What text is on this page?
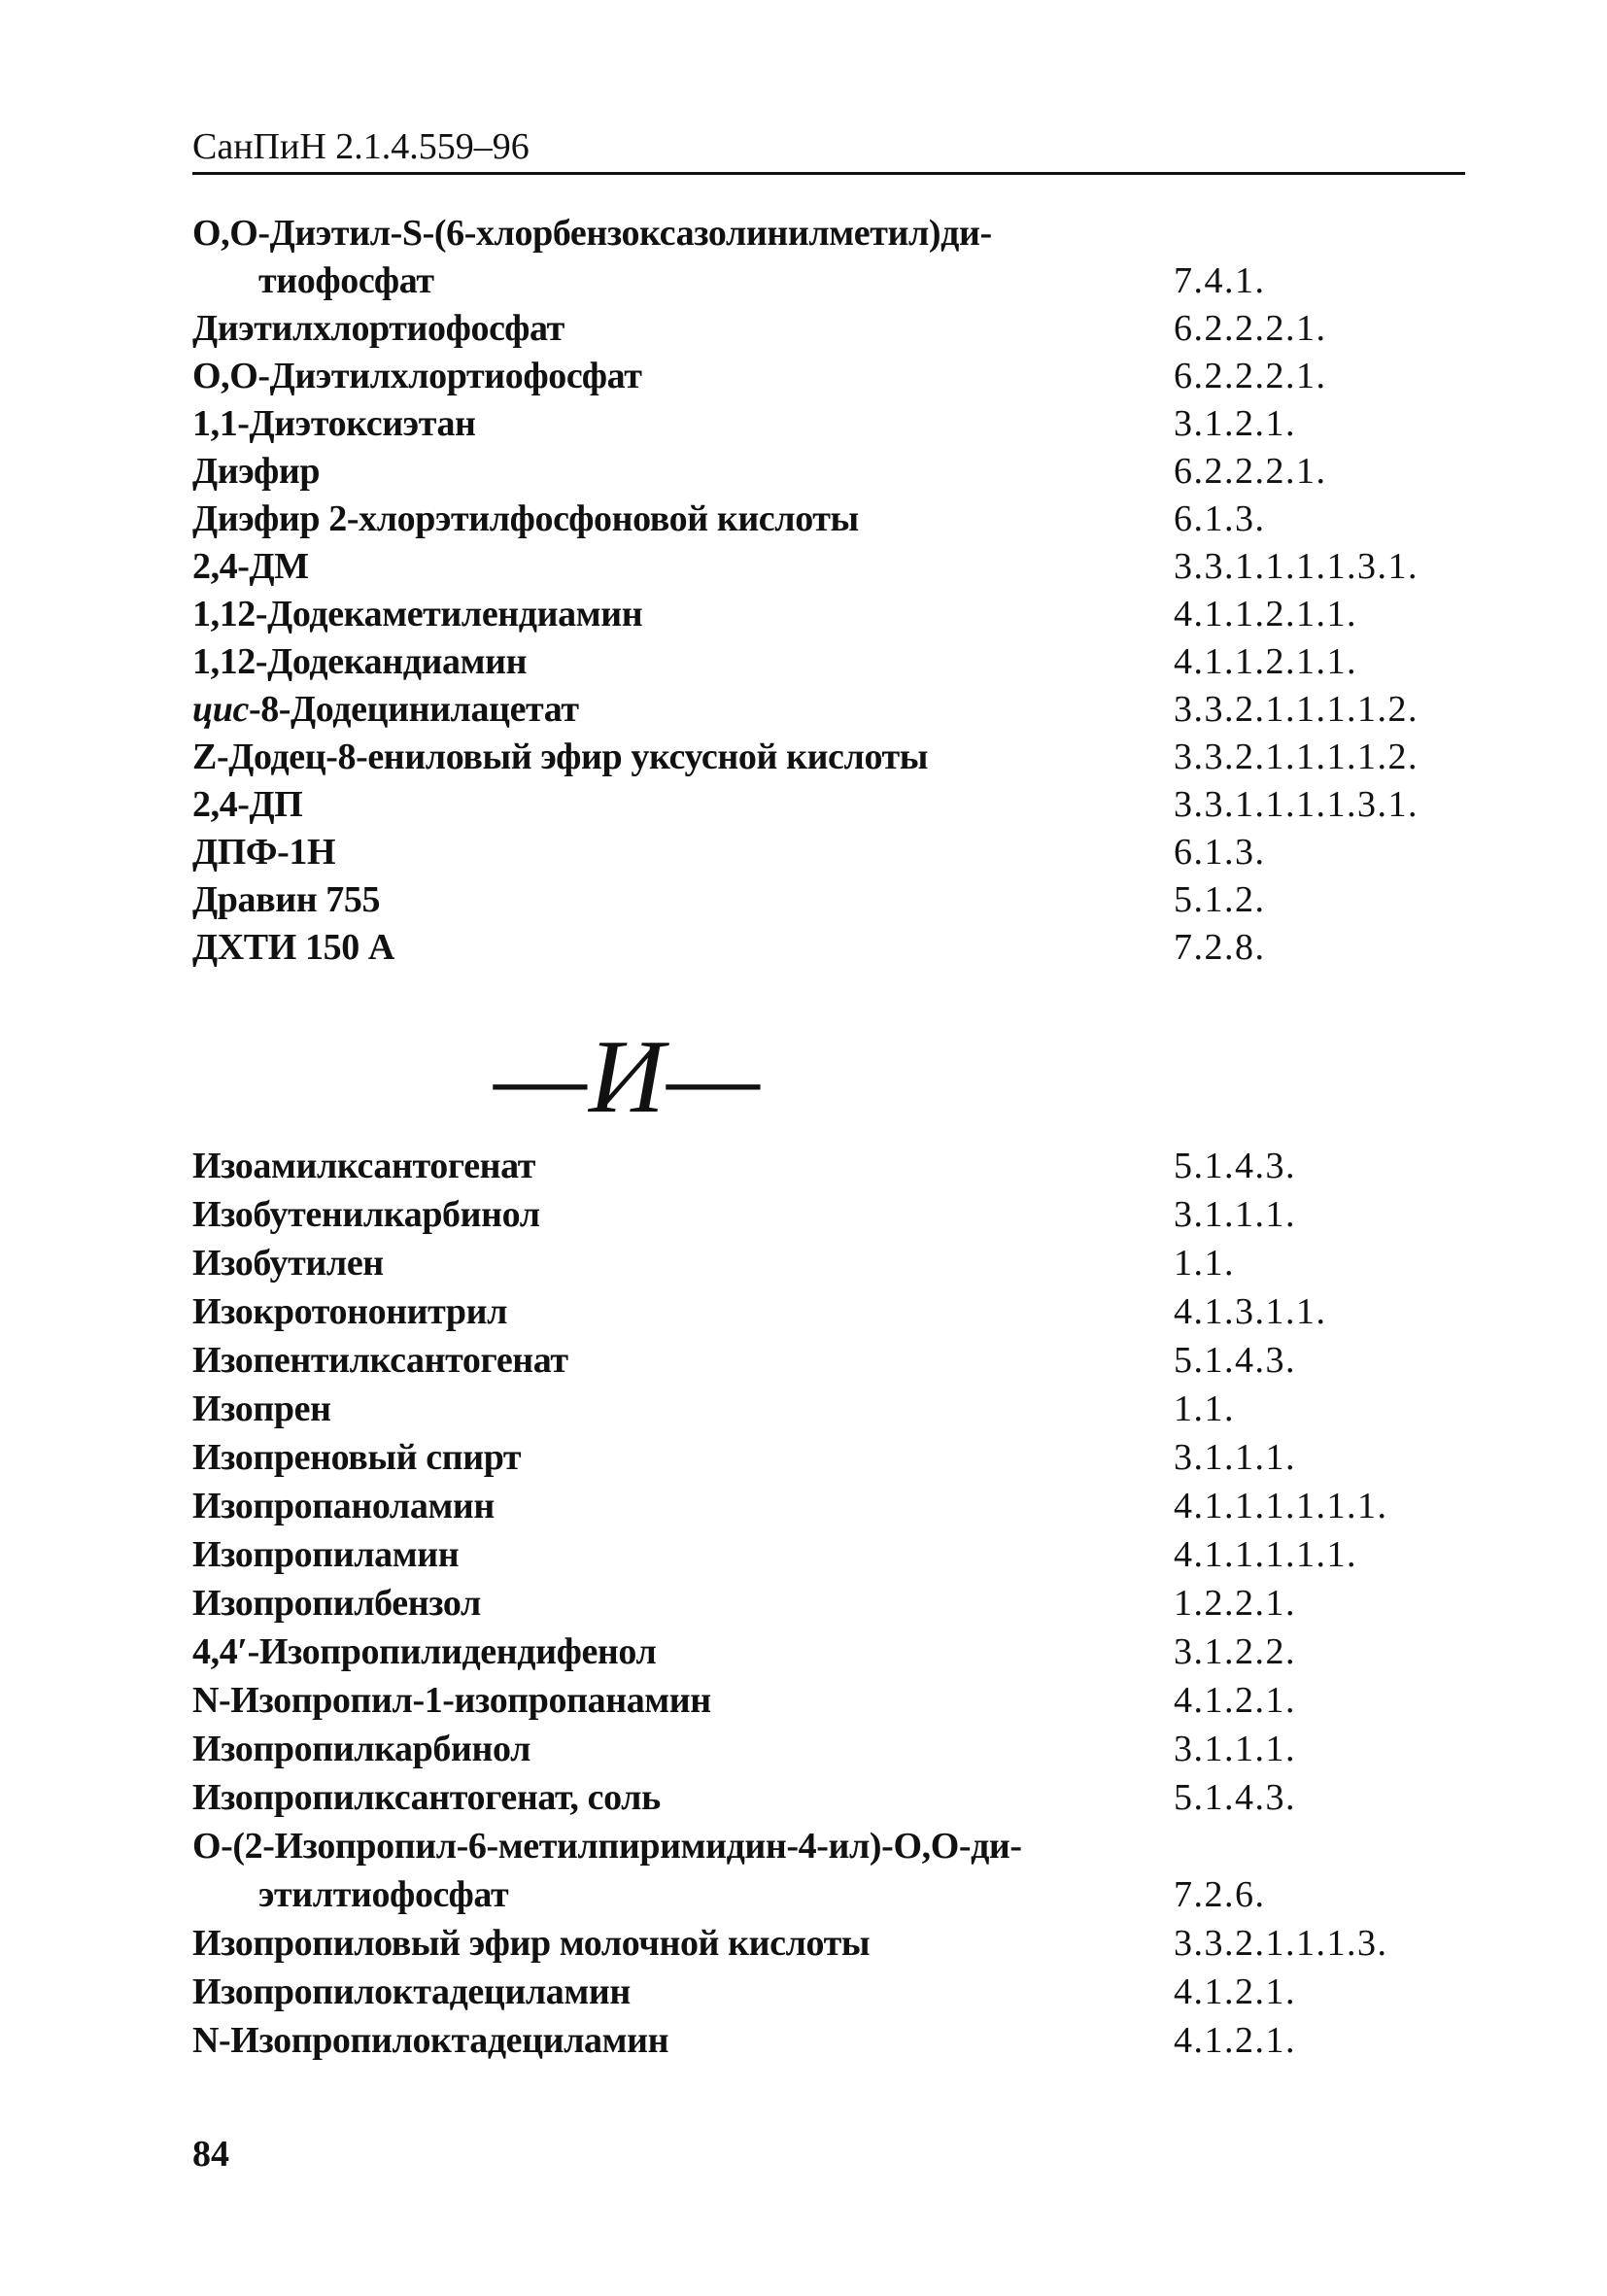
СанПиН 2.1.4.559–96
О,О-Диэтил-S-(6-хлорбензоксазолинилметил)ди-
тиофосфат	7.4.1.
Диэтилхлортиофосфат	6.2.2.2.1.
О,О-Диэтилхлортиофосфат	6.2.2.2.1.
1,1-Диэтоксиэтан	3.1.2.1.
Диэфир	6.2.2.2.1.
Диэфир 2-хлорэтилфосфоновой кислоты	6.1.3.
2,4-ДМ	3.3.1.1.1.1.3.1.
1,12-Додекаметилендиамин	4.1.1.2.1.1.
1,12-Додекандиамин	4.1.1.2.1.1.
цис-8-Додецинилацетат	3.3.2.1.1.1.1.2.
Z-Додец-8-ениловый эфир уксусной кислоты	3.3.2.1.1.1.1.2.
2,4-ДП	3.3.1.1.1.1.3.1.
ДПФ-1Н	6.1.3.
Дравин 755	5.1.2.
ДХТИ 150 А	7.2.8.
—И—
Изоамилксантогенат	5.1.4.3.
Изобутенилкарбинол	3.1.1.1.
Изобутилен	1.1.
Изокротононитрил	4.1.3.1.1.
Изопентилксантогенат	5.1.4.3.
Изопрен	1.1.
Изопреновый спирт	3.1.1.1.
Изопропаноламин	4.1.1.1.1.1.1.
Изопропиламин	4.1.1.1.1.1.
Изопропилбензол	1.2.2.1.
4,4′-Изопропилидендифенол	3.1.2.2.
N-Изопропил-1-изопропанамин	4.1.2.1.
Изопропилкарбинол	3.1.1.1.
Изопропилксантогенат, соль	5.1.4.3.
О-(2-Изопропил-6-метилпиримидин-4-ил)-О,О-ди-
этилтиофосфат	7.2.6.
Изопропиловый эфир молочной кислоты	3.3.2.1.1.1.3.
Изопропилоктадециламин	4.1.2.1.
N-Изопропилоктадециламин	4.1.2.1.
84
